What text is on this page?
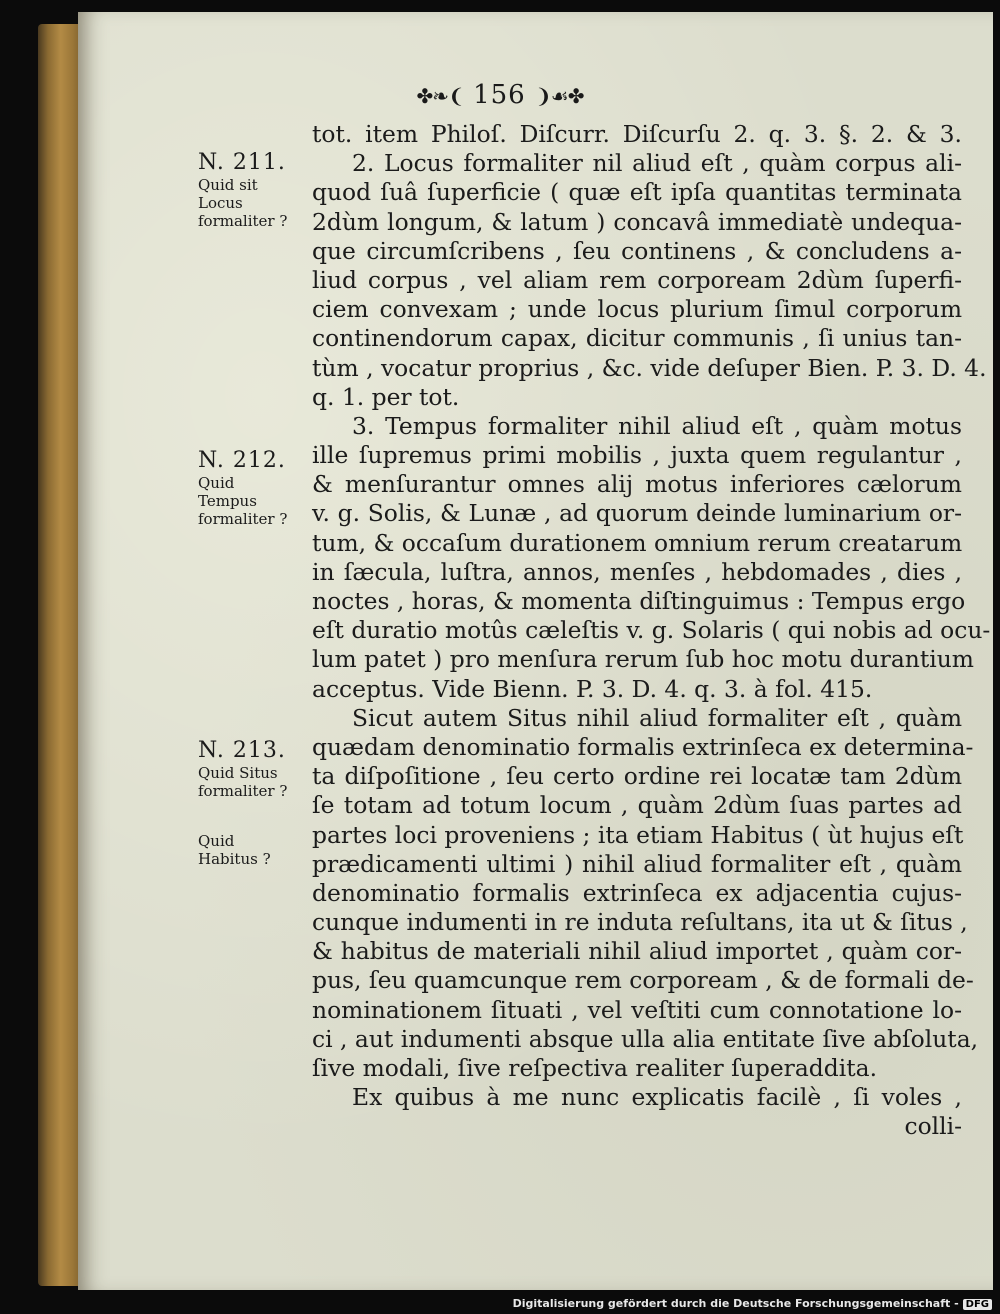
✤❧❨ 156 ❩☙✤
N. 211.
Quid sit Locus formaliter ?
N. 212.
Quid Tempus formaliter ?
N. 213.
Quid Situs formaliter ?
Quid Habitus ?
tot. item Philoſ. Diſcurr. Diſcurſu 2. q. 3. §. 2. & 3.
2. Locus formaliter nil aliud eſt , quàm corpus ali-
quod ſuâ ſuperficie ( quæ eſt ipſa quantitas terminata
2dùm longum, & latum ) concavâ immediatè undequa-
que circumſcribens , ſeu continens , & concludens a-
liud corpus , vel aliam rem corpoream 2dùm ſuperfi-
ciem convexam ; unde locus plurium ſimul corporum
continendorum capax, dicitur communis , ſi unius tan-
tùm , vocatur proprius , &c. vide deſuper Bien. P. 3. D. 4.
q. 1. per tot.
3. Tempus formaliter nihil aliud eſt , quàm motus
ille ſupremus primi mobilis , juxta quem regulantur ,
& menſurantur omnes alij motus inferiores cælorum
v. g. Solis, & Lunæ , ad quorum deinde luminarium or-
tum, & occaſum durationem omnium rerum creatarum
in ſæcula, luſtra, annos, menſes , hebdomades , dies ,
noctes , horas, & momenta diſtinguimus : Tempus ergo
eſt duratio motûs cæleſtis v. g. Solaris ( qui nobis ad ocu-
lum patet ) pro menſura rerum ſub hoc motu durantium
acceptus. Vide Bienn. P. 3. D. 4. q. 3. à fol. 415.
Sicut autem Situs nihil aliud formaliter eſt , quàm
quædam denominatio formalis extrinſeca ex determina-
ta diſpoſitione , ſeu certo ordine rei locatæ tam 2dùm
ſe totam ad totum locum , quàm 2dùm ſuas partes ad
partes loci proveniens ; ita etiam Habitus ( ùt hujus eſt
prædicamenti ultimi ) nihil aliud formaliter eſt , quàm
denominatio formalis extrinſeca ex adjacentia cujus-
cunque indumenti in re induta reſultans, ita ut & ſitus ,
& habitus de materiali nihil aliud importet , quàm cor-
pus, ſeu quamcunque rem corpoream , & de formali de-
nominationem ſituati , vel veſtiti cum connotatione lo-
ci , aut indumenti absque ulla alia entitate ſive abſoluta,
ſive modali, ſive reſpectiva realiter ſuperaddita.
Ex quibus à me nunc explicatis facilè , ſi voles ,
colli-
Digitalisierung gefördert durch die Deutsche Forschungsgemeinschaft - DFG
